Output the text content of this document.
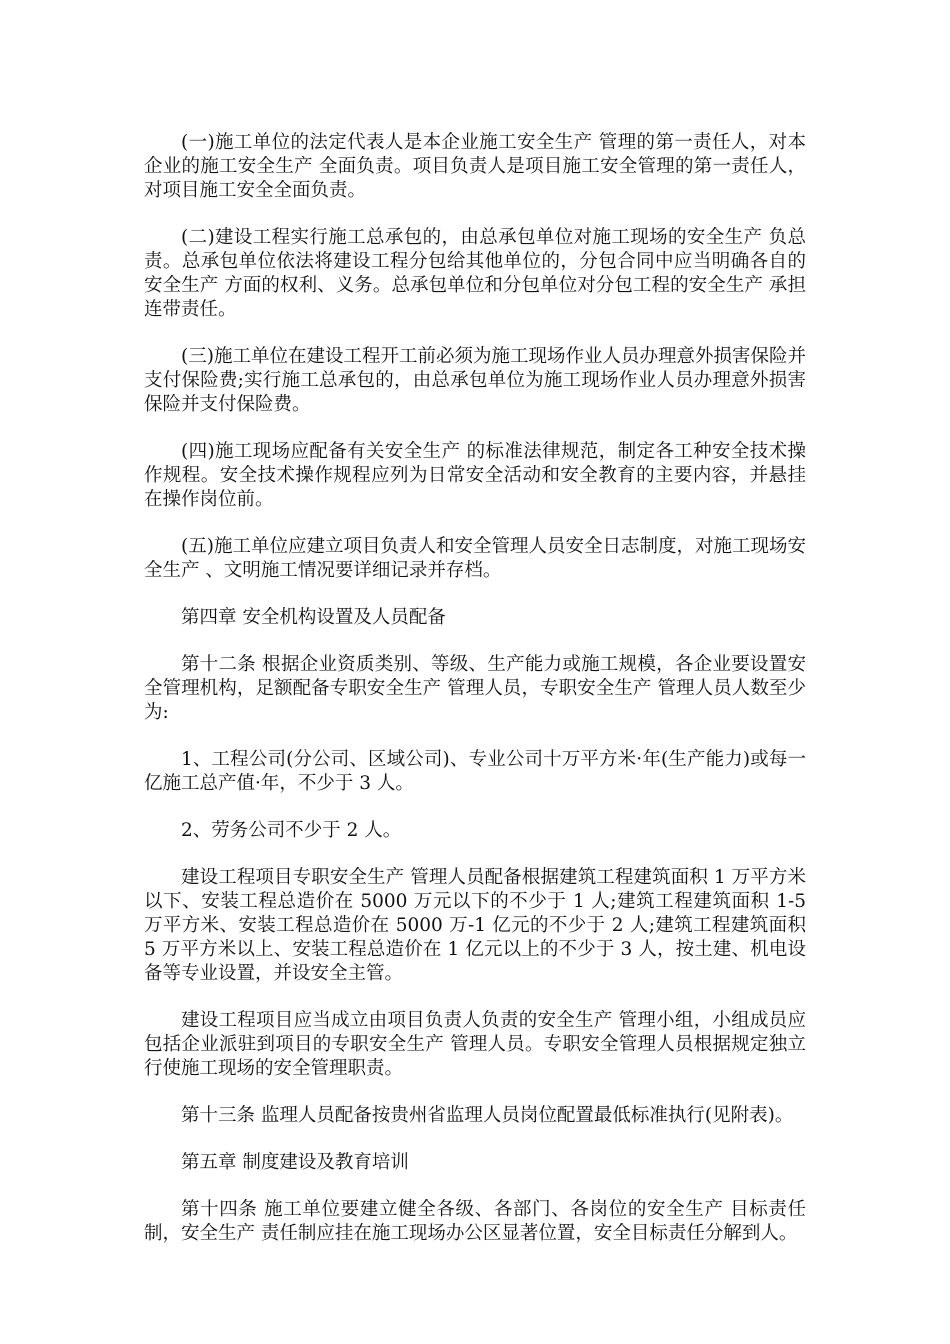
(一)施工单位的法定代表人是本企业施工安全生产 管理的第一责任人，对本企业的施工安全生产 全面负责。项目负责人是项目施工安全管理的第一责任人，对项目施工安全全面负责。

(二)建设工程实行施工总承包的，由总承包单位对施工现场的安全生产 负总责。总承包单位依法将建设工程分包给其他单位的，分包合同中应当明确各自的安全生产 方面的权利、义务。总承包单位和分包单位对分包工程的安全生产 承担连带责任。

(三)施工单位在建设工程开工前必须为施工现场作业人员办理意外损害保险并支付保险费;实行施工总承包的，由总承包单位为施工现场作业人员办理意外损害保险并支付保险费。

(四)施工现场应配备有关安全生产 的标准法律规范，制定各工种安全技术操作规程。安全技术操作规程应列为日常安全活动和安全教育的主要内容，并悬挂在操作岗位前。

(五)施工单位应建立项目负责人和安全管理人员安全日志制度，对施工现场安全生产 、文明施工情况要详细记录并存档。

第四章 安全机构设置及人员配备

第十二条 根据企业资质类别、等级、生产能力或施工规模，各企业要设置安全管理机构，足额配备专职安全生产 管理人员，专职安全生产 管理人员人数至少为:

1、工程公司(分公司、区域公司)、专业公司十万平方米·年(生产能力)或每一亿施工总产值·年，不少于 3 人。

2、劳务公司不少于 2 人。

建设工程项目专职安全生产 管理人员配备根据建筑工程建筑面积 1 万平方米以下、安装工程总造价在 5000 万元以下的不少于 1 人;建筑工程建筑面积 1-5 万平方米、安装工程总造价在 5000 万-1 亿元的不少于 2 人;建筑工程建筑面积 5 万平方米以上、安装工程总造价在 1 亿元以上的不少于 3 人，按土建、机电设备等专业设置，并设安全主管。

建设工程项目应当成立由项目负责人负责的安全生产 管理小组，小组成员应包括企业派驻到项目的专职安全生产 管理人员。专职安全管理人员根据规定独立行使施工现场的安全管理职责。

第十三条 监理人员配备按贵州省监理人员岗位配置最低标准执行(见附表)。

第五章 制度建设及教育培训

第十四条 施工单位要建立健全各级、各部门、各岗位的安全生产 目标责任制，安全生产 责任制应挂在施工现场办公区显著位置，安全目标责任分解到人。
